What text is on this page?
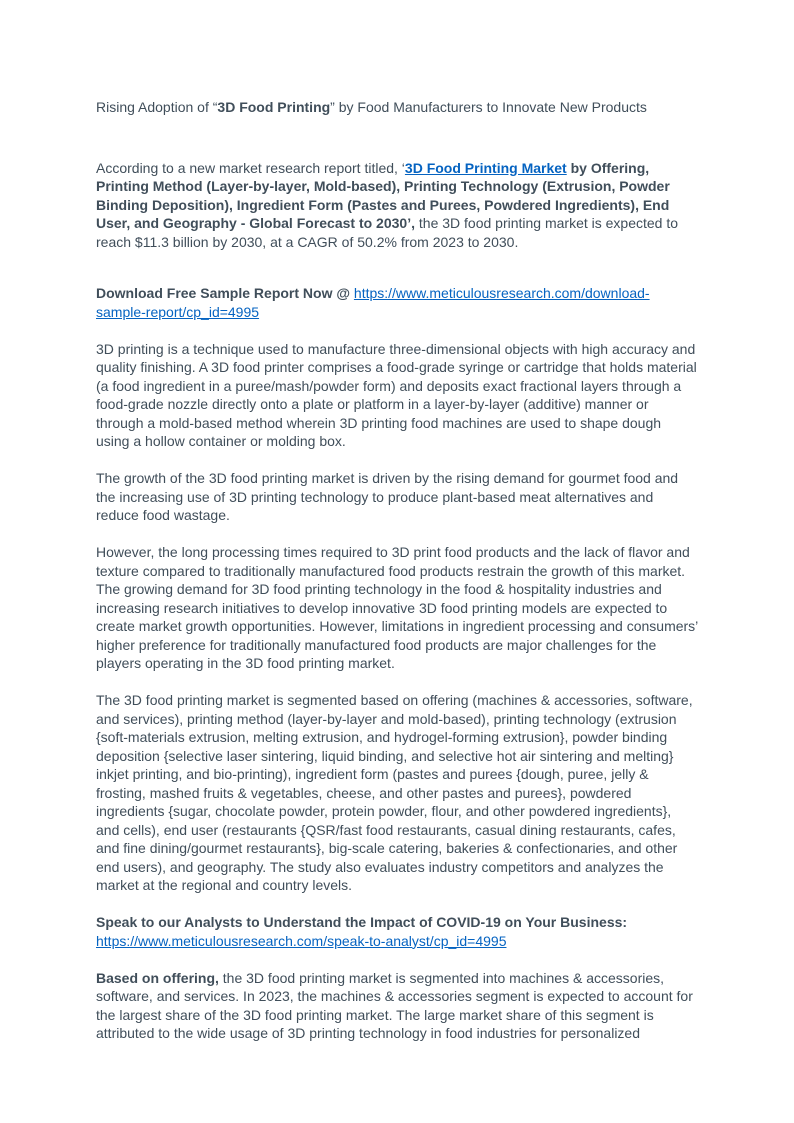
Rising Adoption of “3D Food Printing” by Food Manufacturers to Innovate New Products

According to a new market research report titled, ‘3D Food Printing Market by Offering, Printing Method (Layer-by-layer, Mold-based), Printing Technology (Extrusion, Powder Binding Deposition), Ingredient Form (Pastes and Purees, Powdered Ingredients), End User, and Geography - Global Forecast to 2030’, the 3D food printing market is expected to reach $11.3 billion by 2030, at a CAGR of 50.2% from 2023 to 2030.

Download Free Sample Report Now @ https://www.meticulousresearch.com/download-sample-report/cp_id=4995

3D printing is a technique used to manufacture three-dimensional objects with high accuracy and quality finishing. A 3D food printer comprises a food-grade syringe or cartridge that holds material (a food ingredient in a puree/mash/powder form) and deposits exact fractional layers through a food-grade nozzle directly onto a plate or platform in a layer-by-layer (additive) manner or through a mold-based method wherein 3D printing food machines are used to shape dough using a hollow container or molding box.

The growth of the 3D food printing market is driven by the rising demand for gourmet food and the increasing use of 3D printing technology to produce plant-based meat alternatives and reduce food wastage.

However, the long processing times required to 3D print food products and the lack of flavor and texture compared to traditionally manufactured food products restrain the growth of this market. The growing demand for 3D food printing technology in the food & hospitality industries and increasing research initiatives to develop innovative 3D food printing models are expected to create market growth opportunities. However, limitations in ingredient processing and consumers’ higher preference for traditionally manufactured food products are major challenges for the players operating in the 3D food printing market.

The 3D food printing market is segmented based on offering (machines & accessories, software, and services), printing method (layer-by-layer and mold-based), printing technology (extrusion {soft-materials extrusion, melting extrusion, and hydrogel-forming extrusion}, powder binding deposition {selective laser sintering, liquid binding, and selective hot air sintering and melting} inkjet printing, and bio-printing), ingredient form (pastes and purees {dough, puree, jelly & frosting, mashed fruits & vegetables, cheese, and other pastes and purees}, powdered ingredients {sugar, chocolate powder, protein powder, flour, and other powdered ingredients}, and cells), end user (restaurants {QSR/fast food restaurants, casual dining restaurants, cafes, and fine dining/gourmet restaurants}, big-scale catering, bakeries & confectionaries, and other end users), and geography. The study also evaluates industry competitors and analyzes the market at the regional and country levels.

Speak to our Analysts to Understand the Impact of COVID-19 on Your Business: https://www.meticulousresearch.com/speak-to-analyst/cp_id=4995

Based on offering, the 3D food printing market is segmented into machines & accessories, software, and services. In 2023, the machines & accessories segment is expected to account for the largest share of the 3D food printing market. The large market share of this segment is attributed to the wide usage of 3D printing technology in food industries for personalized
